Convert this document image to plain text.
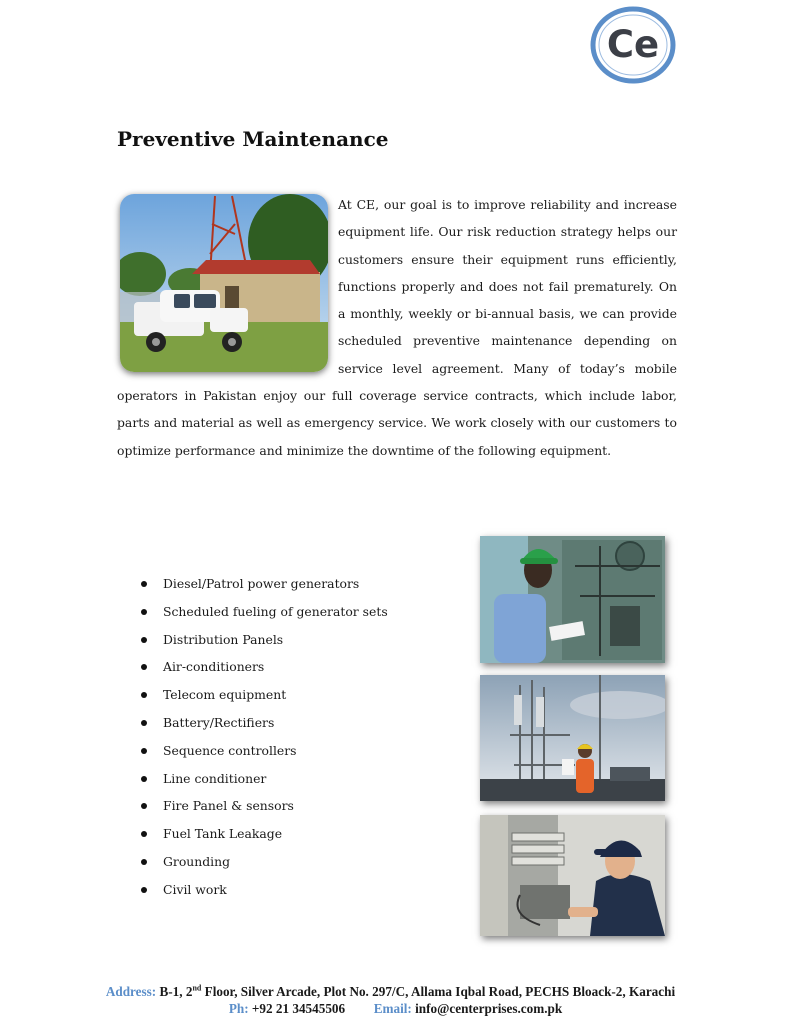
Ce
Preventive Maintenance
At CE, our goal is to improve reliability and increase equipment life. Our risk reduction strategy helps our customers ensure their equipment runs efficiently, functions properly and does not fail prematurely. On a monthly, weekly or bi-annual basis, we can provide scheduled preventive maintenance depending on service level agreement. Many of today’s mobile operators in Pakistan enjoy our full coverage service contracts, which include labor, parts and material as well as emergency service. We work closely with our customers to optimize performance and minimize the downtime of the following equipment.
Diesel/Patrol power generators
Scheduled fueling of generator sets
Distribution Panels
Air-conditioners
Telecom equipment
Battery/Rectifiers
Sequence controllers
Line conditioner
Fire Panel & sensors
Fuel Tank Leakage
Grounding
Civil work
Address: B-1, 2nd Floor, Silver Arcade, Plot No. 297/C, Allama Iqbal Road, PECHS Bloack-2, Karachi
Ph: +92 21 34545506 Email: info@centerprises.com.pk
